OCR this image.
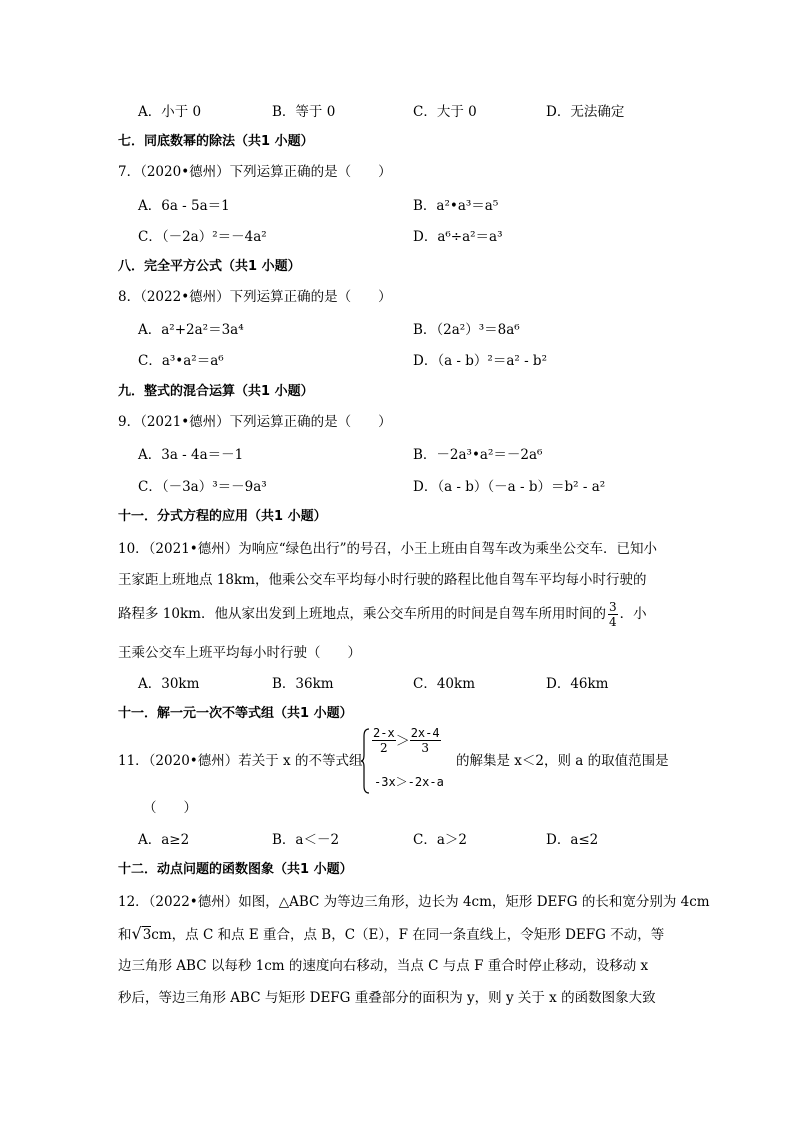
A．小于 0	B．等于 0	C．大于 0	D．无法确定
七．同底数幂的除法（共1 小题）
7．（2020•德州）下列运算正确的是（　　）
A．6a - 5a＝1	B．a²•a³＝a⁵
C．（－2a）²＝－4a²	D．a⁶÷a²＝a³
八．完全平方公式（共1 小题）
8．（2022•德州）下列运算正确的是（　　）
A．a²+2a²＝3a⁴	B．（2a²）³＝8a⁶
C．a³•a²＝a⁶	D．（a - b）²＝a² - b²
九．整式的混合运算（共1 小题）
9．（2021•德州）下列运算正确的是（　　）
A．3a - 4a＝－1	B．－2a³•a²＝－2a⁶
C．（－3a）³＝－9a³	D．（a - b）（－a - b）＝b² - a²
十一．分式方程的应用（共1 小题）
10．（2021•德州）为响应“绿色出行”的号召，小王上班由自驾车改为乘坐公交车．已知小
王家距上班地点 18km，他乘公交车平均每小时行驶的路程比他自驾车平均每小时行驶的
路程多 10km．他从家出发到上班地点，乘公交车所用的时间是自驾车所用时间的 $\frac{3}{4}$ ．小
王乘公交车上班平均每小时行驶（　　）
A．30km	B．36km	C．40km	D．46km
十一．解一元一次不等式组（共1 小题）
11．（2020•德州）若关于 x 的不等式组
$\frac{2-x}{2} > \frac{2x-4}{3}$
-3x＞-2x-a
的解集是 x＜2，则 a 的取值范围是
（　　）
A．a≥2	B．a＜－2	C．a＞2	D．a≤2
十二．动点问题的函数图象（共1 小题）
12．（2022•德州）如图，△ABC 为等边三角形，边长为 4cm，矩形 DEFG 的长和宽分别为 4cm
和√3cm，点 C 和点 E 重合，点 B，C（E），F 在同一条直线上，令矩形 DEFG 不动，等
边三角形 ABC 以每秒 1cm 的速度向右移动，当点 C 与点 F 重合时停止移动，设移动 x
秒后，等边三角形 ABC 与矩形 DEFG 重叠部分的面积为 y，则 y 关于 x 的函数图象大致
